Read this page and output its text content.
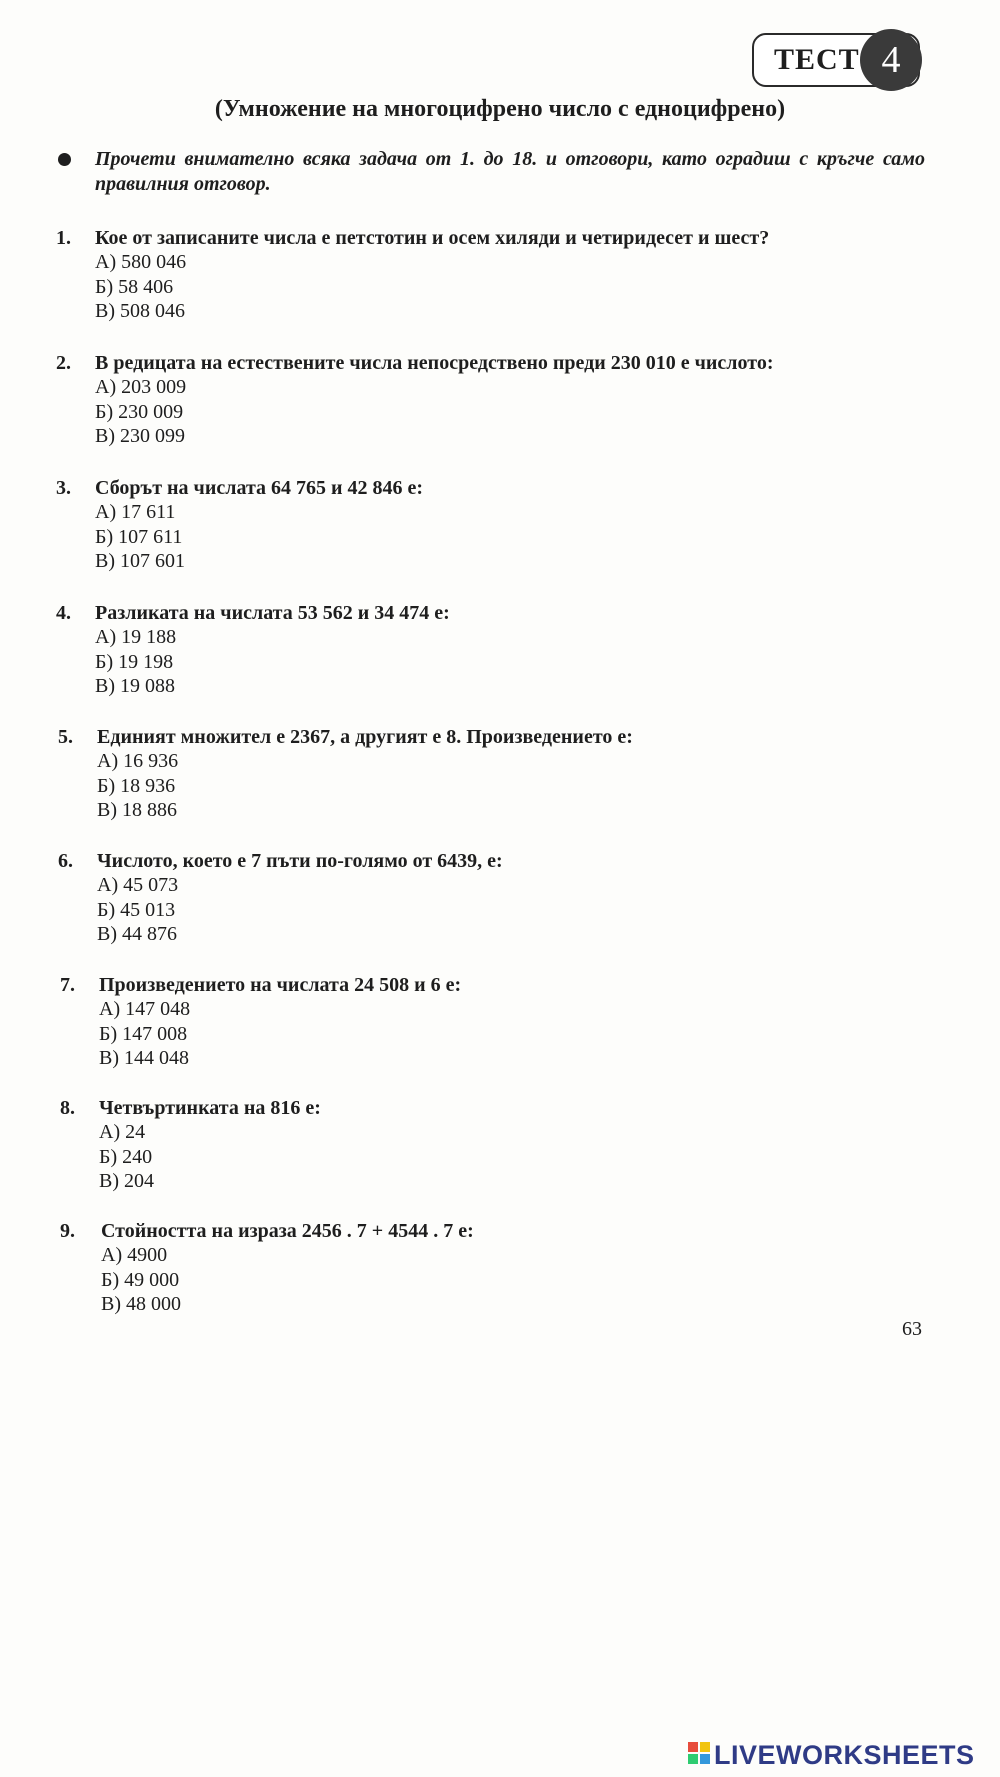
ТЕСТ 4
(Умножение на многоцифрено число с едноцифрено)

Прочети внимателно всяка задача от 1. до 18. и отговори, като оградиш с кръгче само правилния отговор.

1. Кое от записаните числа е петстотин и осем хиляди и четиридесет и шест?
А) 580 046
Б) 58 406
В) 508 046
2. В редицата на естествените числа непосредствено преди 230 010 е числото:
А) 203 009
Б) 230 009
В) 230 099
3. Сборът на числата 64 765 и 42 846 е:
А) 17 611
Б) 107 611
В) 107 601
4. Разликата на числата 53 562 и 34 474 е:
А) 19 188
Б) 19 198
В) 19 088
5. Единият множител е 2367, а другият е 8. Произведението е:
А) 16 936
Б) 18 936
В) 18 886
6. Числото, което е 7 пъти по-голямо от 6439, е:
А) 45 073
Б) 45 013
В) 44 876
7. Произведението на числата 24 508 и 6 е:
А) 147 048
Б) 147 008
В) 144 048
8. Четвъртинката на 816 е:
А) 24
Б) 240
В) 204
9. Стойността на израза 2456 . 7 + 4544 . 7 е:
А) 4900
Б) 49 000
В) 48 000
63
LIVEWORKSHEETS
